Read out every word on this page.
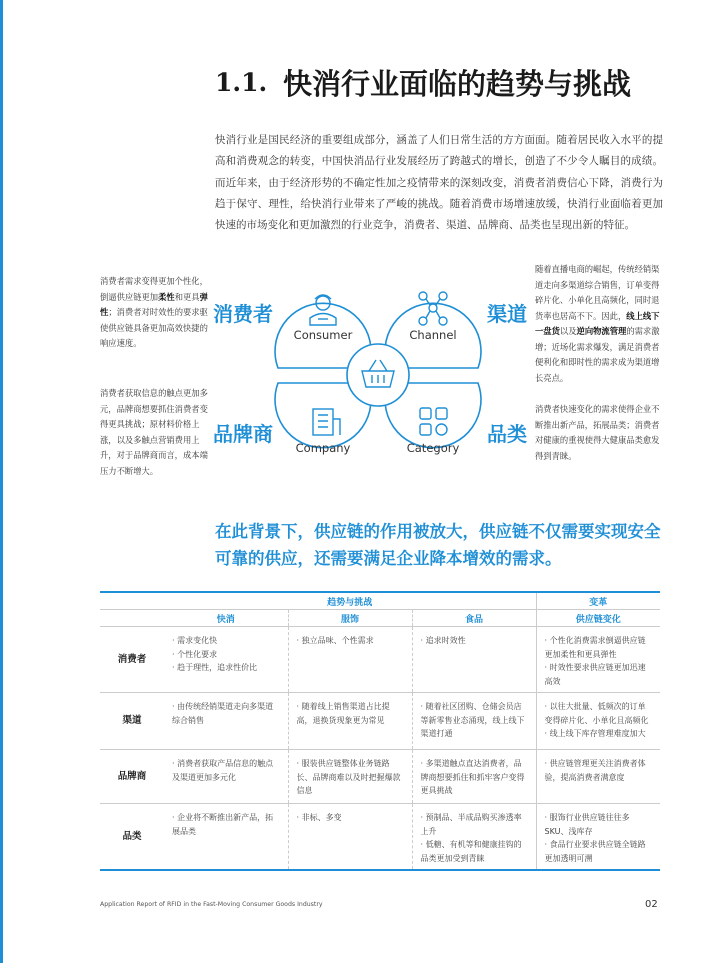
1.1. 快消行业面临的趋势与挑战
快消行业是国民经济的重要组成部分，涵盖了人们日常生活的方方面面。随着居民收入水平的提高和消费观念的转变，中国快消品行业发展经历了跨越式的增长，创造了不少令人瞩目的成绩。而近年来，由于经济形势的不确定性加之疫情带来的深刻改变，消费者消费信心下降，消费行为趋于保守、理性，给快消行业带来了严峻的挑战。随着消费市场增速放缓，快消行业面临着更加快速的市场变化和更加激烈的行业竞争，消费者、渠道、品牌商、品类也呈现出新的特征。
消费者需求变得更加个性化，倒逼供应链更加柔性和更具弹性；消费者对时效性的要求驱使供应链具备更加高效快捷的响应速度。
消费者
随着直播电商的崛起，传统经销渠道走向多渠道综合销售，订单变得碎片化、小单化且高频化，同时退货率也居高不下。因此，线上线下一盘货以及逆向物流管理的需求激增；近场化需求爆发，满足消费者便利化和即时性的需求成为渠道增长亮点。
渠道
消费者获取信息的触点更加多元，品牌商想要抓住消费者变得更具挑战；原材料价格上涨，以及多触点营销费用上升，对于品牌商而言，成本端压力不断增大。
品牌商
消费者快速变化的需求使得企业不断推出新产品，拓展品类；消费者对健康的重视使得大健康品类愈发得到青睐。
品类
Consumer	Channel
Company	Category
在此背景下，供应链的作用被放大，供应链不仅需要实现安全可靠的供应，还需要满足企业降本增效的需求。
	趋势与挑战			变革
	快消	服饰	食品	供应链变化
消费者	· 需求变化快
· 个性化要求
· 趋于理性，追求性价比	· 独立品味、个性需求	· 追求时效性	· 个性化消费需求倒逼供应链更加柔性和更具弹性
· 时效性要求供应链更加迅速高效
渠道	· 由传统经销渠道走向多渠道综合销售	· 随着线上销售渠道占比提高，退换货现象更为常见	· 随着社区团购、仓储会员店等新零售业态涌现，线上线下渠道打通	· 以往大批量、低频次的订单变得碎片化、小单化且高频化
· 线上线下库存管理难度加大
品牌商	· 消费者获取产品信息的触点及渠道更加多元化	· 服装供应链整体业务链路长、品牌商难以及时把握爆款信息	· 多渠道触点直达消费者，品牌商想要抓住和抓牢客户变得更具挑战	· 供应链管理更关注消费者体验，提高消费者满意度
品类	· 企业将不断推出新产品，拓展品类	· 非标、多变	· 预制品、半成品购买渗透率上升
· 低糖、有机等和健康挂钩的品类更加受到青睐	· 服饰行业供应链往往多SKU、浅库存
· 食品行业要求供应链全链路更加透明可溯
Application Report of RFID in the Fast-Moving Consumer Goods Industry	02
